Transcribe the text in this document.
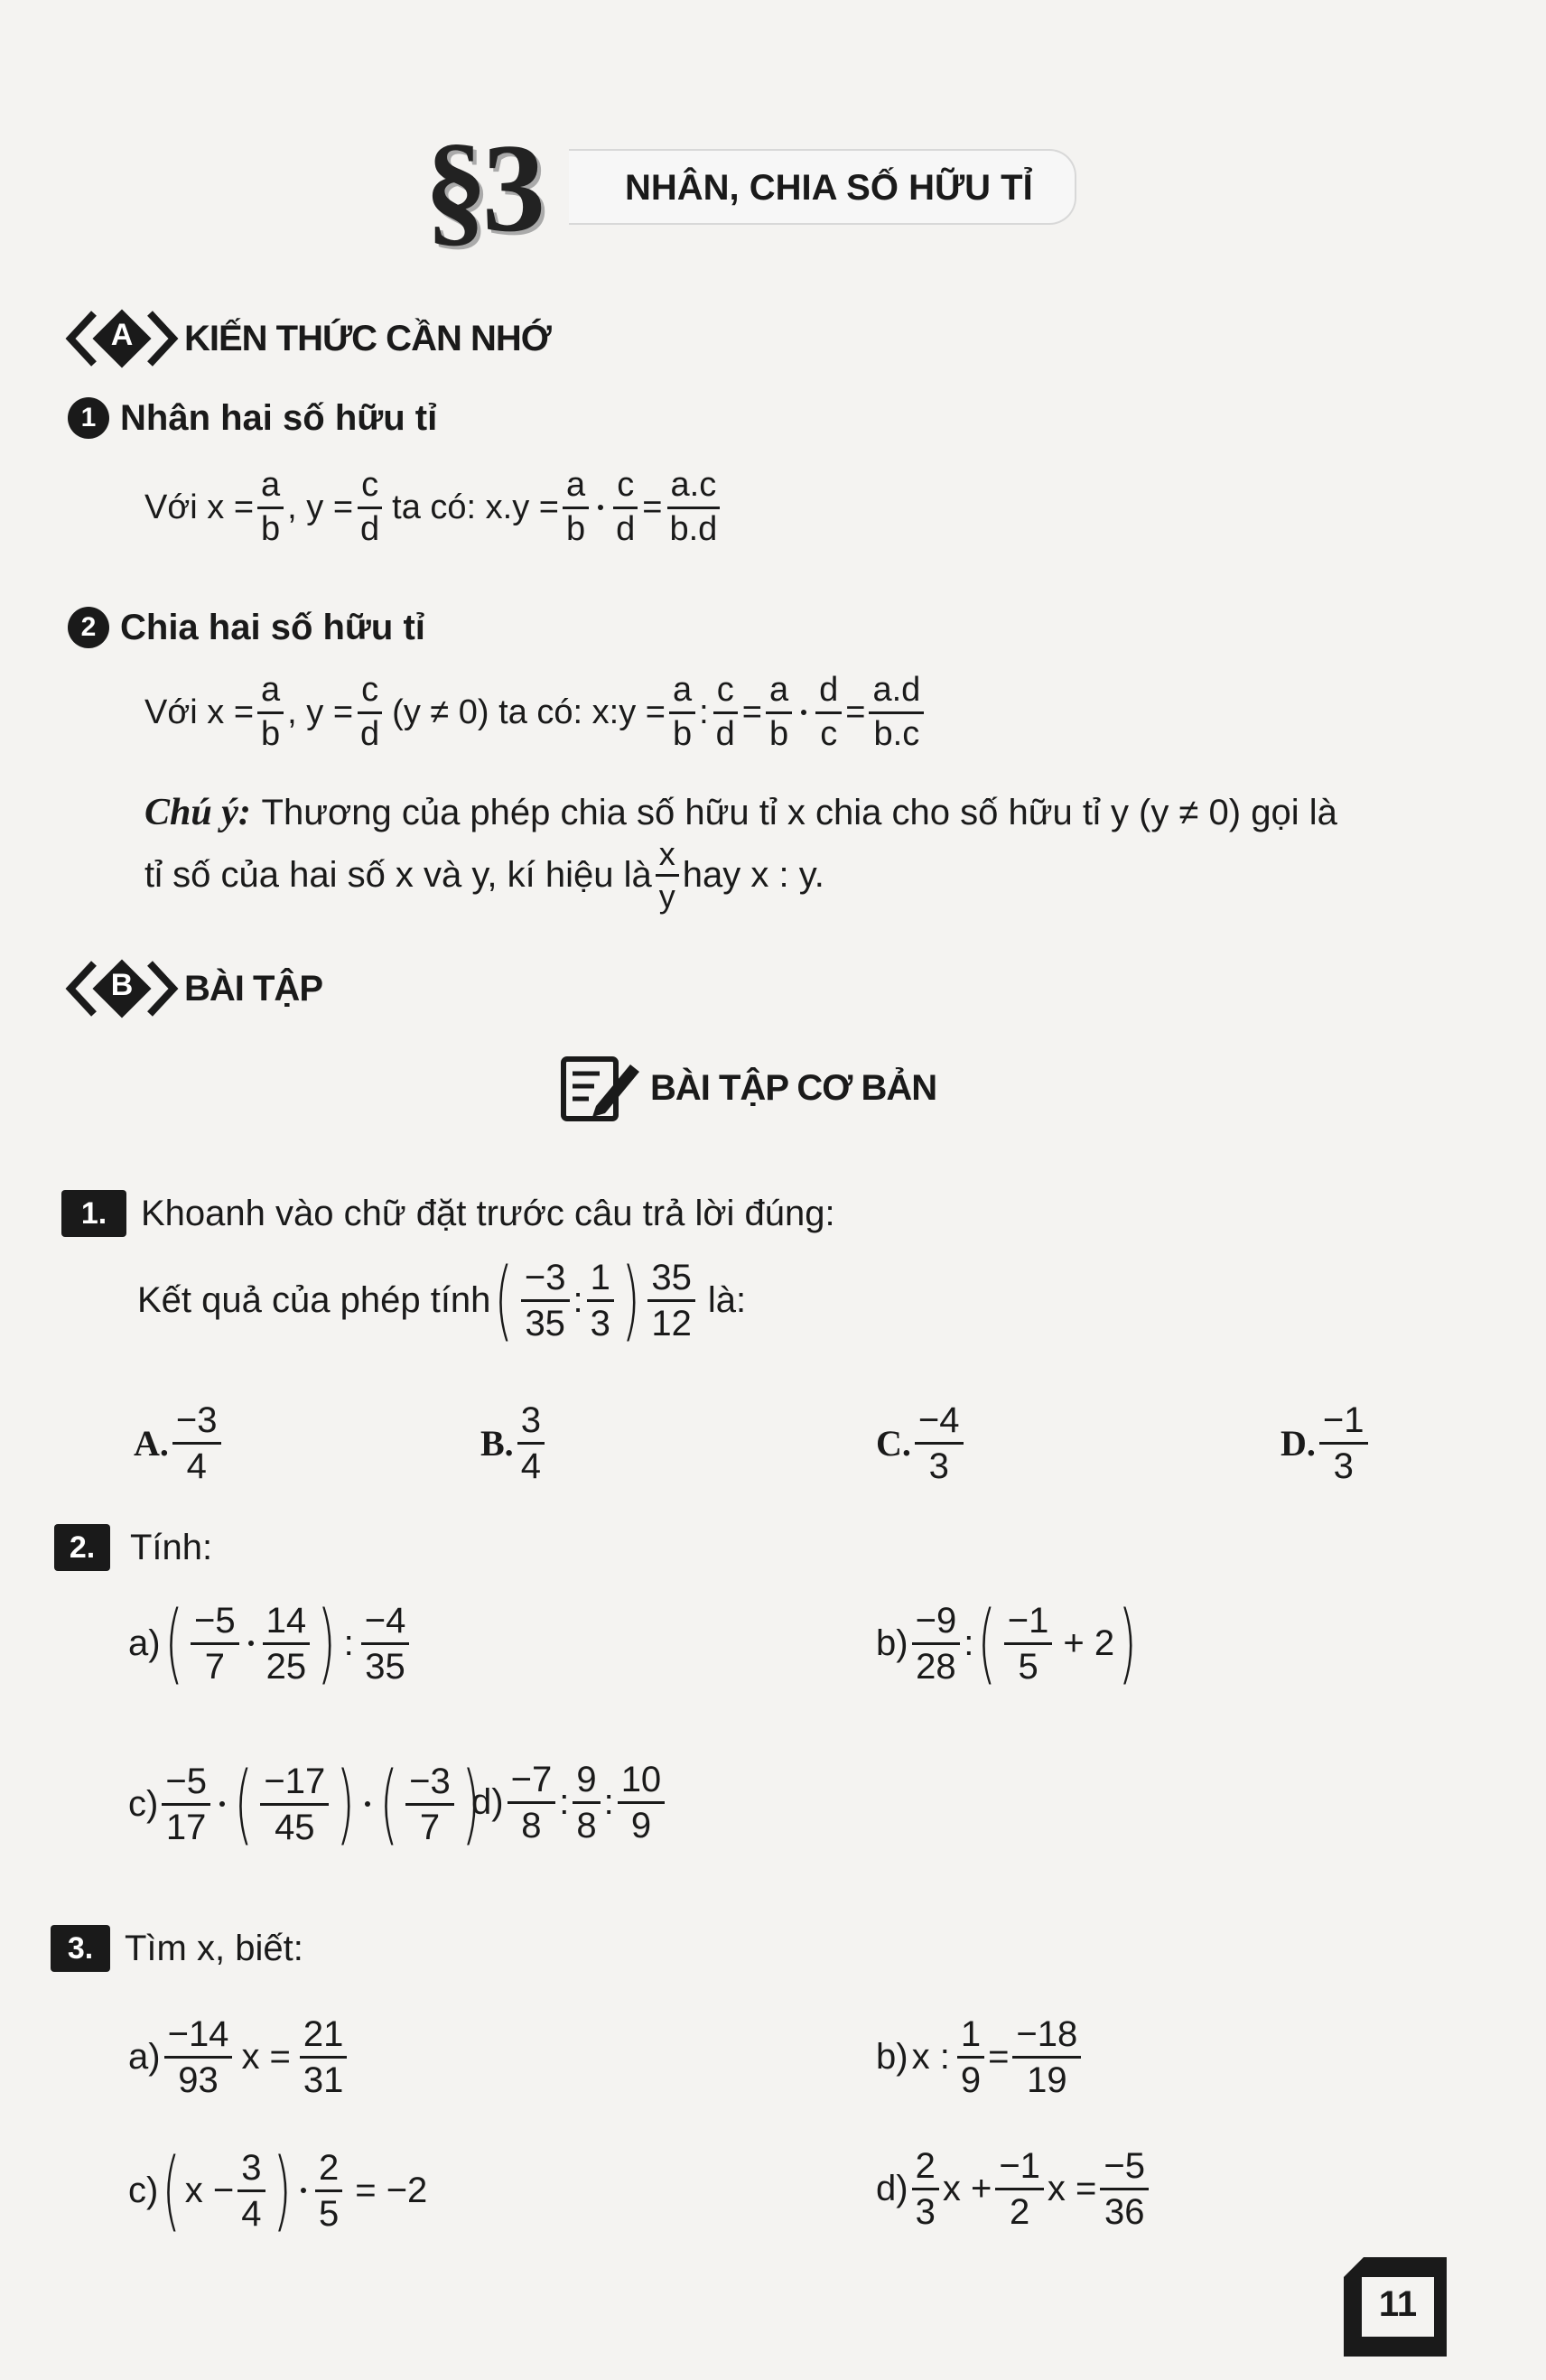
§3 NHÂN, CHIA SỐ HỮU TỈ
A KIẾN THỨC CẦN NHỚ
1 Nhân hai số hữu tỉ
Với $x = \frac{a}{b}$ , $y = \frac{c}{d}$ ta có: $x.y = \frac{a}{b} \frac{c}{d} = \frac{a.c}{b.d}$
2 Chia hai số hữu tỉ
Với $x = \frac{a}{b}$ , $y = \frac{c}{d} (y \ne 0)$ ta có: x:y = $\frac{a}{b}$ : $\frac{c}{d} = \frac{a}{b} \frac{d}{c} = \frac{a.d}{b.c}$
Chú ý: Thương của phép chia số hữu tỉ x chia cho số hữu tỉ y (y ≠ 0) gọi là
tỉ số của hai số x và y, kí hiệu là $\frac{x}{y}$ hay x : y.
B BÀI TẬP
BÀI TẬP CƠ BẢN
1. Khoanh vào chữ đặt trước câu trả lời đúng:
Kết quả của phép tính ( $\frac{-3}{35}$ : $\frac{1}{3}$ ) $\frac{35}{12}$ là:
A. $\frac{-3}{4}$	B. $\frac{3}{4}$	C. $\frac{-4}{3}$	D. $\frac{-1}{3}$
2. Tính:
a) ( $\frac{-5}{7} \frac{14}{25}$ ) : $\frac{-4}{35}$	$b) \frac{-9}{28}$ : ( $\frac{-1}{5} + 2$ )
$c) \frac{-5}{17}$ ( $\frac{-17}{45}$ ) ( $\frac{-3}{7}$ )
$d) \frac{-7}{8}$ : $\frac{9}{8}$ : $\frac{10}{9}$
3. Tìm x, biết:
$a) \frac{-14}{93}$ $x = \frac{21}{31}$	b) x : $\frac{1}{9} = \frac{-18}{19}$
c) ( $x - \frac{3}{4}$ ) $\frac{2}{5} = -2$	$d) \frac{2}{3}$ $x + \frac{-1}{2}$ $x = \frac{-5}{36}$
11
